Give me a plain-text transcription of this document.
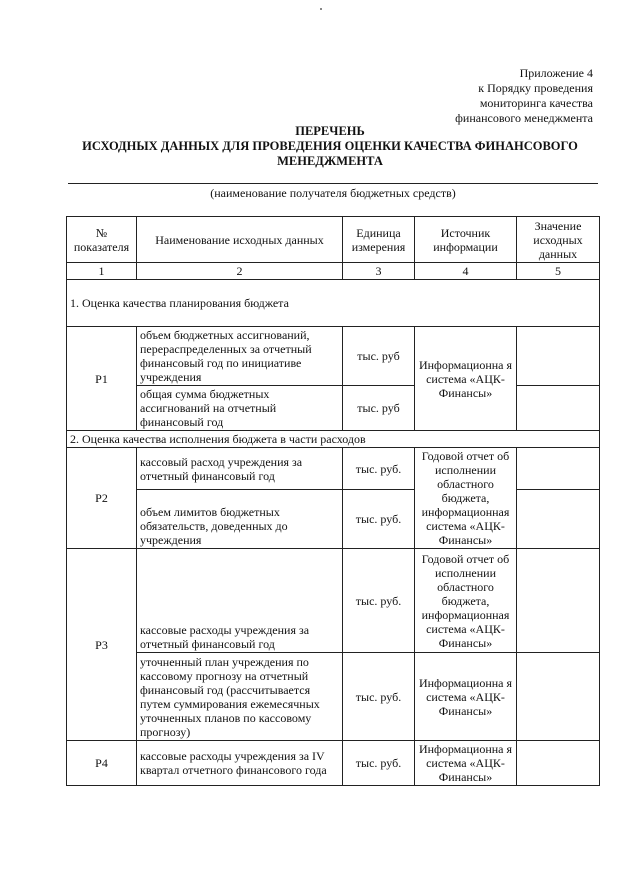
Приложение 4
к Порядку проведения
мониторинга качества
финансового менеджмента
ПЕРЕЧЕНЬ
ИСХОДНЫХ ДАННЫХ ДЛЯ ПРОВЕДЕНИЯ ОЦЕНКИ КАЧЕСТВА ФИНАНСОВОГО
МЕНЕДЖМЕНТА
(наименование получателя бюджетных средств)
№ показателя	Наименование исходных данных	Единица измерения	Источник информации	Значение исходных данных
1	2	3	4	5
1. Оценка качества планирования бюджета				
Р1	объем бюджетных ассигнований, перераспределенных за отчетный финансовый год по инициативе учреждения	тыс. руб	Информационна я система «АЦК-Финансы»	
	общая сумма бюджетных ассигнований на отчетный финансовый год	тыс. руб		
2. Оценка качества исполнения бюджета в части расходов				
Р2	кассовый расход учреждения за отчетный финансовый год	тыс. руб.	Годовой отчет об исполнении областного бюджета, информационная система «АЦК-Финансы»	
	объем лимитов бюджетных обязательств, доведенных до учреждения	тыс. руб.		
Р3	кассовые расходы учреждения за отчетный финансовый год	тыс. руб.	Годовой отчет об исполнении областного бюджета, информационная система «АЦК-Финансы»	
	уточненный план учреждения по кассовому прогнозу на отчетный финансовый год (рассчитывается путем суммирования ежемесячных уточненных планов по кассовому прогнозу)	тыс. руб.	Информационна я система «АЦК-Финансы»	
Р4	кассовые расходы учреждения за IV квартал отчетного финансового года	тыс. руб.	Информационна я система «АЦК-Финансы»	
